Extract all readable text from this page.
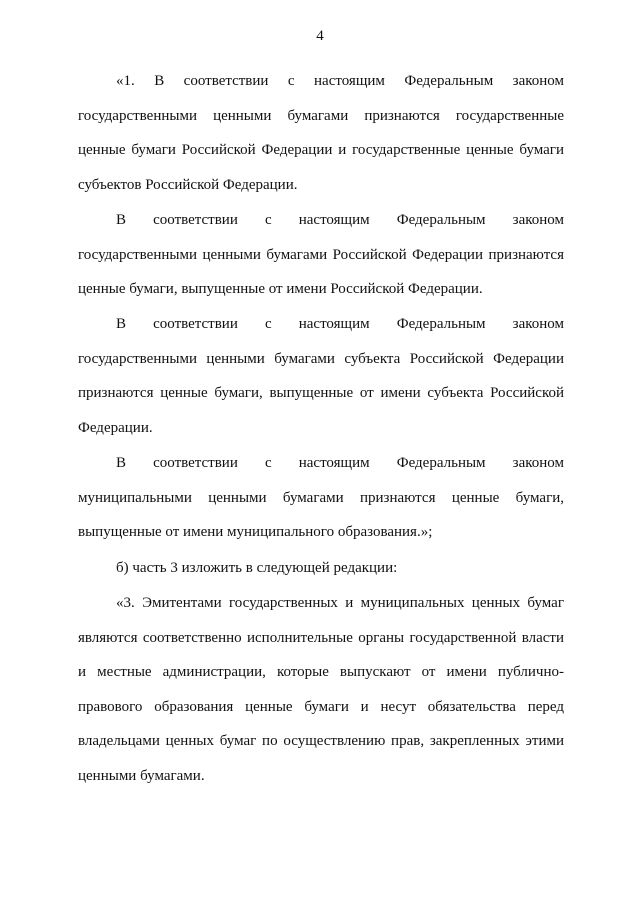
4
«1. В соответствии с настоящим Федеральным законом
государственными ценными бумагами признаются государственные
ценные бумаги Российской Федерации и государственные ценные бумаги
субъектов Российской Федерации.
В соответствии с настоящим Федеральным законом
государственными ценными бумагами Российской Федерации признаются
ценные бумаги, выпущенные от имени Российской Федерации.
В соответствии с настоящим Федеральным законом
государственными ценными бумагами субъекта Российской Федерации
признаются ценные бумаги, выпущенные от имени субъекта Российской
Федерации.
В соответствии с настоящим Федеральным законом
муниципальными ценными бумагами признаются ценные бумаги,
выпущенные от имени муниципального образования.»;
б) часть 3 изложить в следующей редакции:
«3. Эмитентами государственных и муниципальных ценных бумаг
являются соответственно исполнительные органы государственной власти
и местные администрации, которые выпускают от имени публично-
правового образования ценные бумаги и несут обязательства перед
владельцами ценных бумаг по осуществлению прав, закрепленных этими
ценными бумагами.
